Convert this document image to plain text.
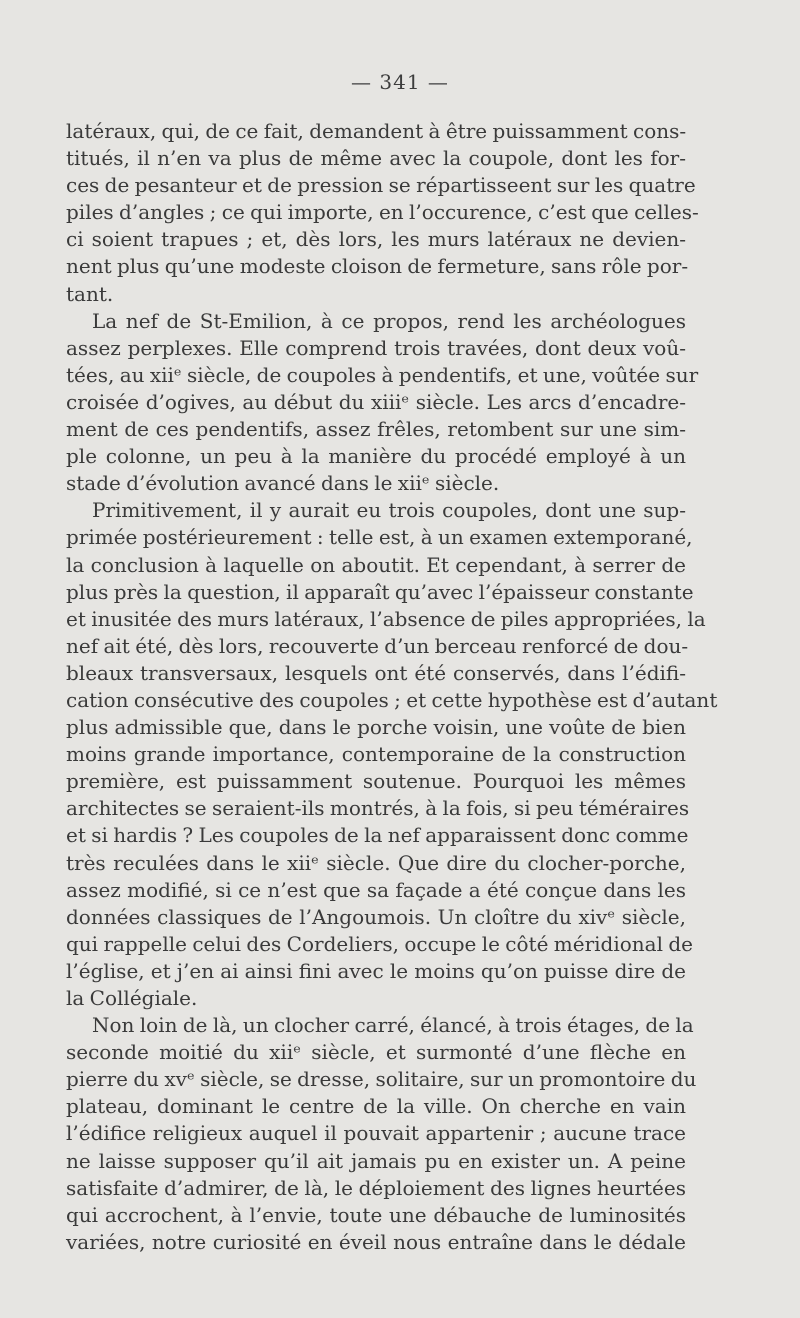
— 341 —
latéraux, qui, de ce fait, demandent à être puissamment cons-
titués, il n’en va plus de même avec la coupole, dont les for-
ces de pesanteur et de pression se répartisseent sur les quatre
piles d’angles ; ce qui importe, en l’occurence, c’est que celles-
ci soient trapues ; et, dès lors, les murs latéraux ne devien-
nent plus qu’une modeste cloison de fermeture, sans rôle por-
tant.
La nef de St-Emilion, à ce propos, rend les archéologues
assez perplexes. Elle comprend trois travées, dont deux voû-
tées, au xiiᵉ siècle, de coupoles à pendentifs, et une, voûtée sur
croisée d’ogives, au début du xiiiᵉ siècle. Les arcs d’encadre-
ment de ces pendentifs, assez frêles, retombent sur une sim-
ple colonne, un peu à la manière du procédé employé à un
stade d’évolution avancé dans le xiiᵉ siècle.
Primitivement, il y aurait eu trois coupoles, dont une sup-
primée postérieurement : telle est, à un examen extemporané,
la conclusion à laquelle on aboutit. Et cependant, à serrer de
plus près la question, il apparaît qu’avec l’épaisseur constante
et inusitée des murs latéraux, l’absence de piles appropriées, la
nef ait été, dès lors, recouverte d’un berceau renforcé de dou-
bleaux transversaux, lesquels ont été conservés, dans l’édifi-
cation consécutive des coupoles ; et cette hypothèse est d’autant
plus admissible que, dans le porche voisin, une voûte de bien
moins grande importance, contemporaine de la construction
première, est puissamment soutenue. Pourquoi les mêmes
architectes se seraient-ils montrés, à la fois, si peu téméraires
et si hardis ? Les coupoles de la nef apparaissent donc comme
très reculées dans le xiiᵉ siècle. Que dire du clocher-porche,
assez modifié, si ce n’est que sa façade a été conçue dans les
données classiques de l’Angoumois. Un cloître du xivᵉ siècle,
qui rappelle celui des Cordeliers, occupe le côté méridional de
l’église, et j’en ai ainsi fini avec le moins qu’on puisse dire de
la Collégiale.
Non loin de là, un clocher carré, élancé, à trois étages, de la
seconde moitié du xiiᵉ siècle, et surmonté d’une flèche en
pierre du xvᵉ siècle, se dresse, solitaire, sur un promontoire du
plateau, dominant le centre de la ville. On cherche en vain
l’édifice religieux auquel il pouvait appartenir ; aucune trace
ne laisse supposer qu’il ait jamais pu en exister un. A peine
satisfaite d’admirer, de là, le déploiement des lignes heurtées
qui accrochent, à l’envie, toute une débauche de luminosités
variées, notre curiosité en éveil nous entraîne dans le dédale
